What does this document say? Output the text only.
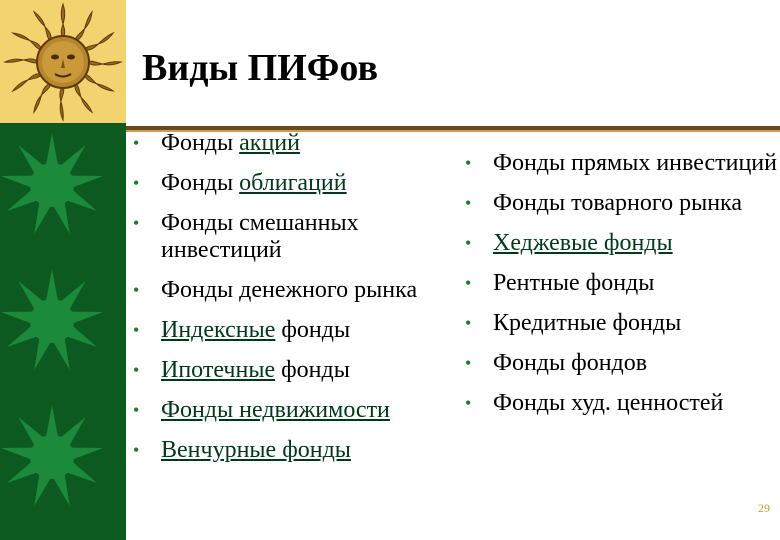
Виды ПИФов
• Фонды акций
• Фонды облигаций
• Фонды смешанных инвестиций
• Фонды денежного рынка
• Индексные фонды
• Ипотечные фонды
• Фонды недвижимости
• Венчурные фонды
• Фонды прямых инвестиций
• Фонды товарного рынка
• Хеджевые фонды
• Рентные фонды
• Кредитные фонды
• Фонды фондов
• Фонды худ. ценностей
29
